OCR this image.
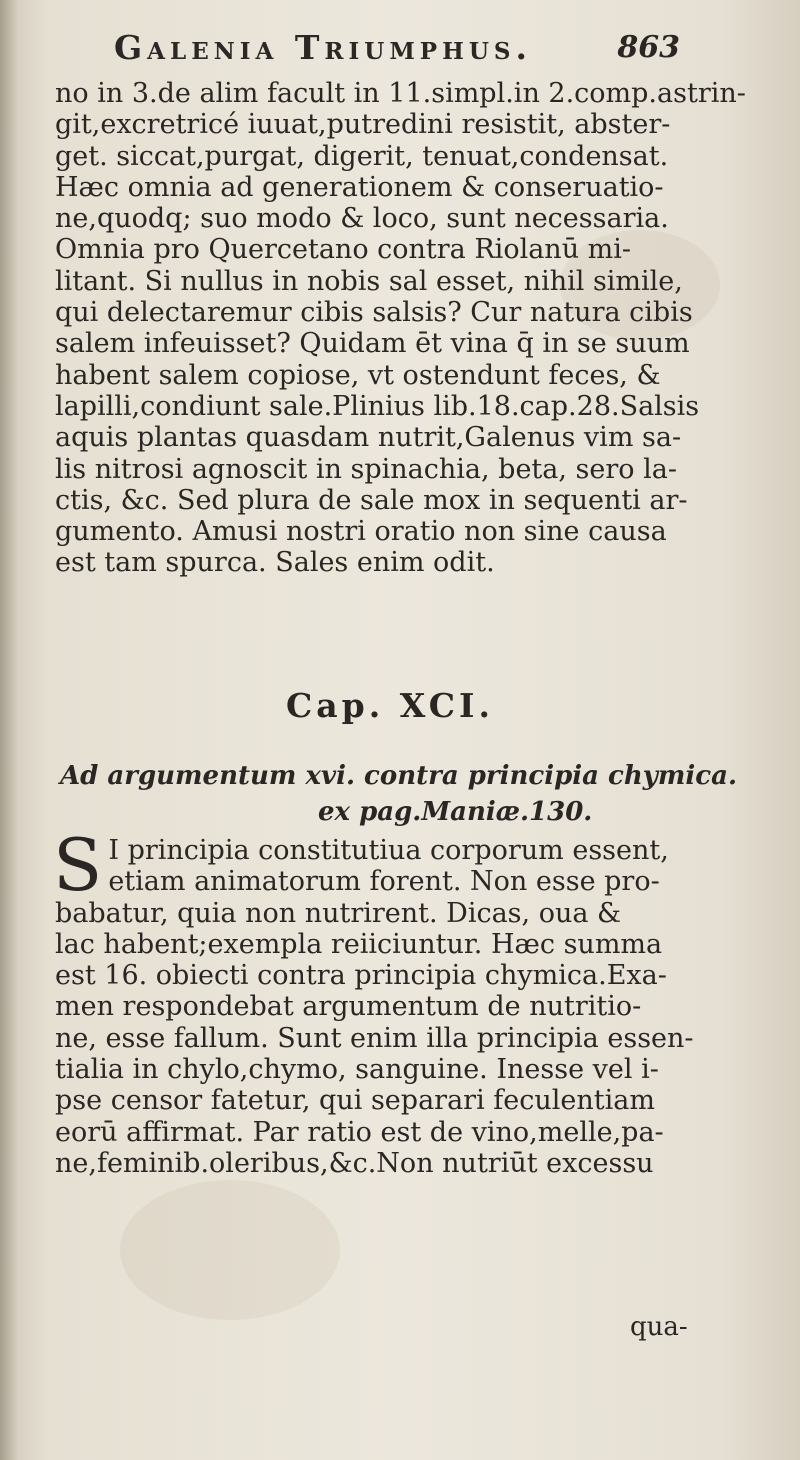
Galenia Triumphus.	863
no in 3.de alim facult in 11.simpl.in 2.comp.astrin-
git,excretricé iuuat,putredini resistit, abster-
get. siccat,purgat, digerit, tenuat,condensat.
Hæc omnia ad generationem & conseruatio-
ne,quodq; suo modo & loco, sunt necessaria.
Omnia pro Quercetano contra Riolanū mi-
litant. Si nullus in nobis sal esset, nihil simile,
qui delectaremur cibis salsis? Cur natura cibis
salem infeuisset? Quidam ēt vina q̄ in se suum
habent salem copiose, vt ostendunt feces, &
lapilli,condiunt sale.Plinius lib.18.cap.28.Salsis
aquis plantas quasdam nutrit,Galenus vim sa-
lis nitrosi agnoscit in spinachia, beta, sero la-
ctis, &c. Sed plura de sale mox in sequenti ar-
gumento. Amusi nostri oratio non sine causa
est tam spurca. Sales enim odit.
Cap. XCI.
Ad argumentum xvi. contra principia chymica.
ex pag.Maniæ.130.
S I principia constitutiua corporum essent,
etiam animatorum forent. Non esse pro-
babatur, quia non nutrirent. Dicas, oua &
lac habent;exempla reiiciuntur. Hæc summa
est 16. obiecti contra principia chymica.Exa-
men respondebat argumentum de nutritio-
ne, esse fallum. Sunt enim illa principia essen-
tialia in chylo,chymo, sanguine. Inesse vel i-
pse censor fatetur, qui separari feculentiam
eorū affirmat. Par ratio est de vino,melle,pa-
ne,feminib.oleribus,&c.Non nutriūt excessu
qua-
